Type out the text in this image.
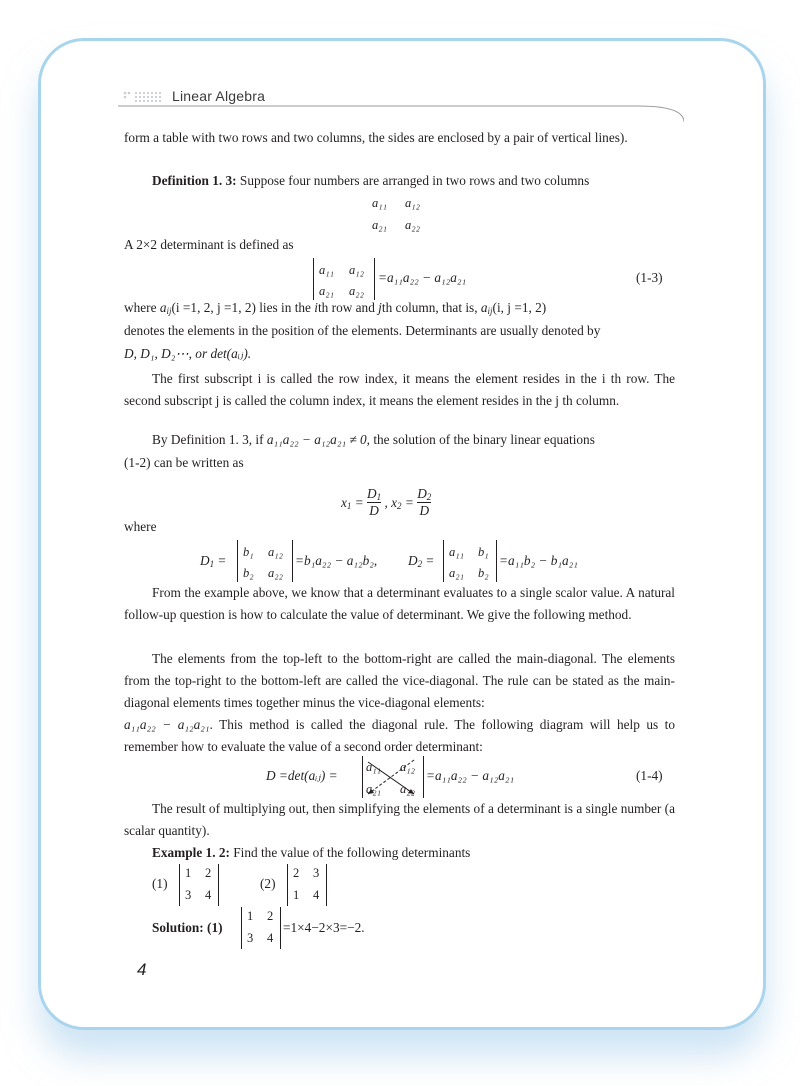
Linear Algebra
form a table with two rows and two columns, the sides are enclosed by a pair of vertical lines).
Definition 1. 3: Suppose four numbers are arranged in two rows and two columns
a₁₁ a₁₂
a₂₁ a₂₂
A 2×2 determinant is defined as
a₁₁ a₁₂
a₂₁ a₂₂
=a₁₁a₂₂ − a₁₂a₂₁	(1-3)
where $a_{ij}(i =1$, 2, j =1, 2) lies in the ith row and jth column, that is, $a_{ij}(i$, j =1, 2)
denotes the elements in the position of the elements. Determinants are usually denoted by
D, D₁, D₂⋯, or det(aᵢⱼ).
The first subscript i is called the row index, it means the element resides in the i th row. The second subscript j is called the column index, it means the element resides in the j th column.
By Definition 1. 3, if a₁₁a₂₂ − a₁₂a₂₁ ≠ 0, the solution of the binary linear equations
(1-2) can be written as
$x_1 = \frac{D_1}{D}$ , $x_2 = \frac{D_2}{D}$
where
$D_1$ =
b₁ a₁₂
b₂ a₂₂
=b₁a₂₂ − a₁₂b₂, $D_2$ =
a₁₁ b₁
a₂₁ b₂
=a₁₁b₂ − b₁a₂₁
From the example above, we know that a determinant evaluates to a single scalor value. A natural follow-up question is how to calculate the value of determinant. We give the following method.
The elements from the top-left to the bottom-right are called the main-diagonal. The elements from the top-right to the bottom-left are called the vice-diagonal. The rule can be stated as the main-diagonal elements times together minus the vice-diagonal elements:
a₁₁a₂₂ − a₁₂a₂₁. This method is called the diagonal rule. The following diagram will help us to remember how to evaluate the value of a second order determinant:
D =det(aᵢⱼ) =
a₁₁ a₁₂
a₂₁ a₂₂
=a₁₁a₂₂ − a₁₂a₂₁	(1-4)
The result of multiplying out, then simplifying the elements of a determinant is a single number (a scalar quantity).
Example 1. 2: Find the value of the following determinants
(1)
1 2
3 4
(2)
2 3
1 4
Solution: (1)
1 2
3 4
=1×4−2×3=−2.
4
